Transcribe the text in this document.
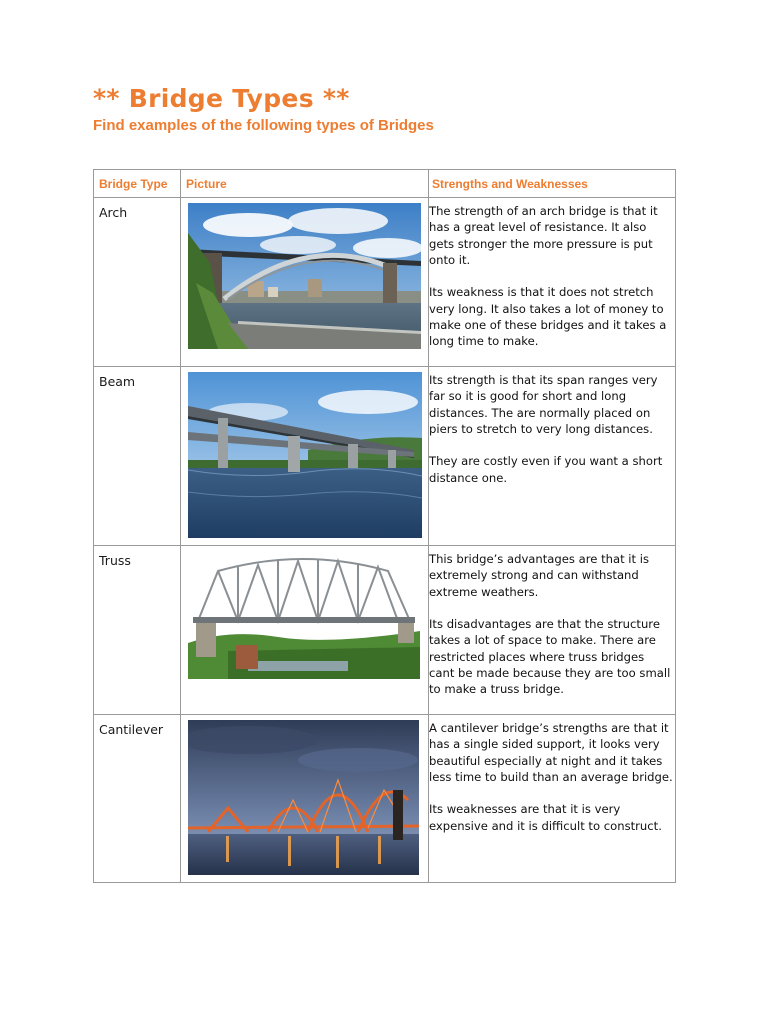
** Bridge Types **
Find examples of the following types of Bridges
Bridge Type	Picture	Strengths and Weaknesses
Arch		The strength of an arch bridge is that it has a great level of resistance. It also gets stronger the more pressure is put onto it.

Its weakness is that it does not stretch very long. It also takes a lot of money to make one of these bridges and it takes a long time to make.

Beam		Its strength is that its span ranges very far so it is good for short and long distances. The are normally placed on piers to stretch to very long distances.

They are costly even if you want a short distance one.

Truss		This bridge’s advantages are that it is extremely strong and can withstand extreme weathers.

Its disadvantages are that the structure takes a lot of space to make. There are restricted places where truss bridges cant be made because they are too small to make a truss bridge.

Cantilever		A cantilever bridge’s strengths are that it has a single sided support, it looks very beautiful especially at night and it takes less time to build than an average bridge.

Its weaknesses are that it is very expensive and it is difficult to construct.
